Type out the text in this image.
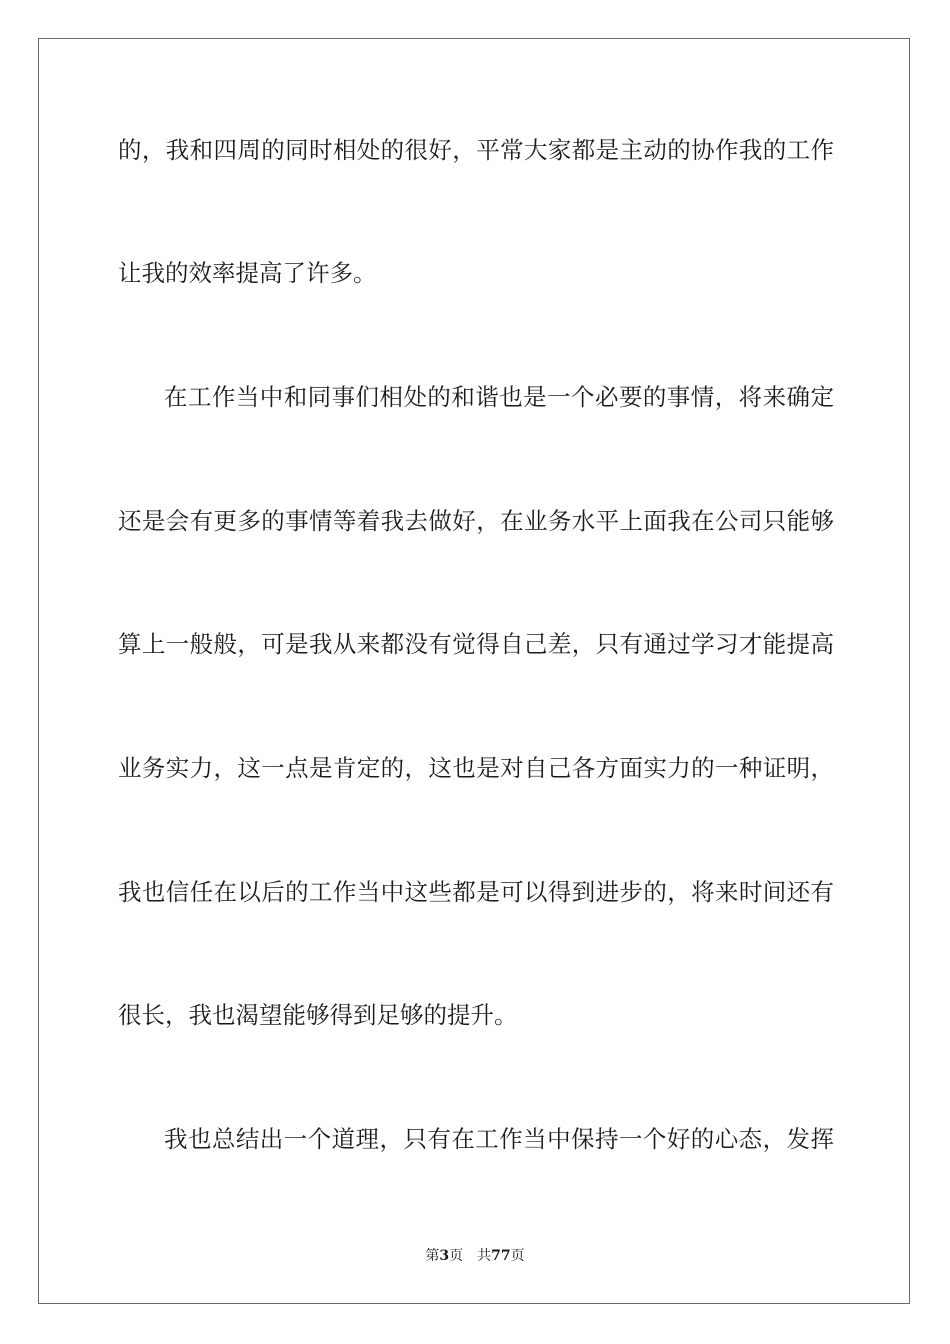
的，我和四周的同时相处的很好，平常大家都是主动的协作我的工作
让我的效率提高了许多。
在工作当中和同事们相处的和谐也是一个必要的事情，将来确定
还是会有更多的事情等着我去做好，在业务水平上面我在公司只能够
算上一般般，可是我从来都没有觉得自己差，只有通过学习才能提高
业务实力，这一点是肯定的，这也是对自己各方面实力的一种证明，
我也信任在以后的工作当中这些都是可以得到进步的，将来时间还有
很长，我也渴望能够得到足够的提升。
我也总结出一个道理，只有在工作当中保持一个好的心态，发挥
第3页 共77页
